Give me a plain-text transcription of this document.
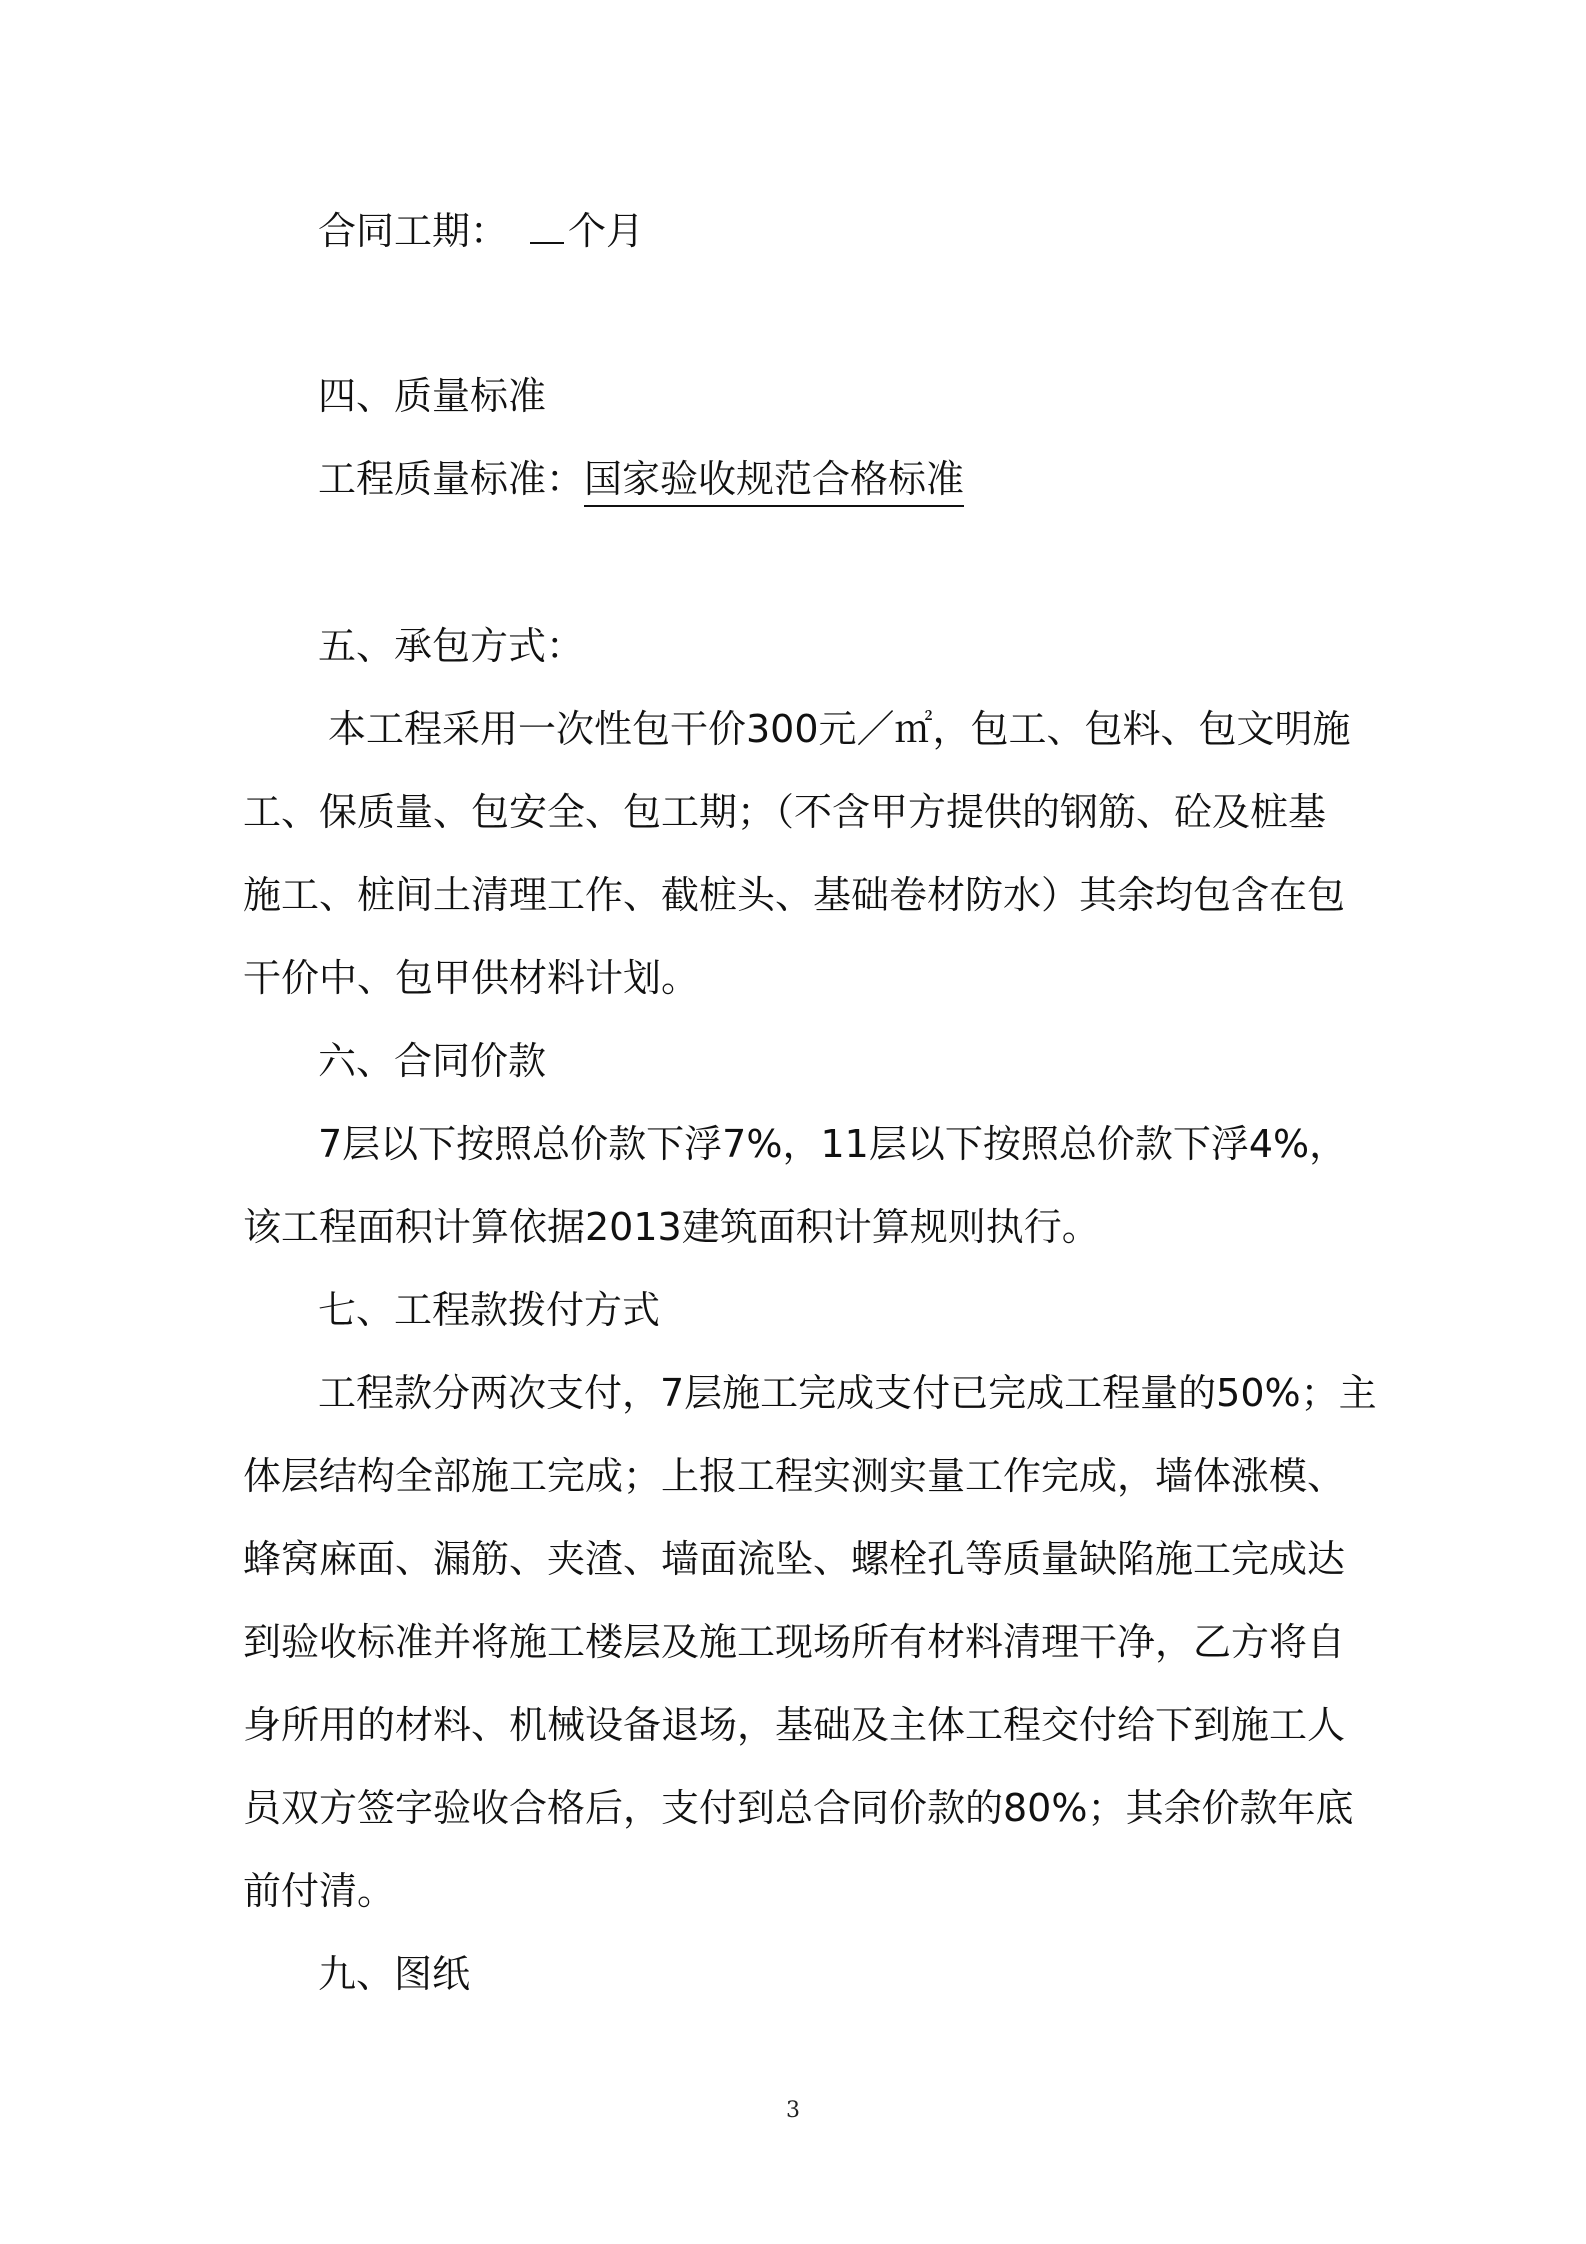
合同工期： 个月
四、质量标准
工程质量标准：国家验收规范合格标准
五、承包方式：
本工程采用一次性包干价300元／㎡，包工、包料、包文明施
工、保质量、包安全、包工期；（不含甲方提供的钢筋、砼及桩基
施工、桩间土清理工作、截桩头、基础卷材防水）其余均包含在包
干价中、包甲供材料计划。
六、合同价款
7层以下按照总价款下浮7%，11层以下按照总价款下浮4%，
该工程面积计算依据2013建筑面积计算规则执行。
七、工程款拨付方式
工程款分两次支付，7层施工完成支付已完成工程量的50%；主
体层结构全部施工完成；上报工程实测实量工作完成，墙体涨模、
蜂窝麻面、漏筋、夹渣、墙面流坠、螺栓孔等质量缺陷施工完成达
到验收标准并将施工楼层及施工现场所有材料清理干净，乙方将自
身所用的材料、机械设备退场，基础及主体工程交付给下到施工人
员双方签字验收合格后，支付到总合同价款的80%；其余价款年底
前付清。
九、图纸
3
